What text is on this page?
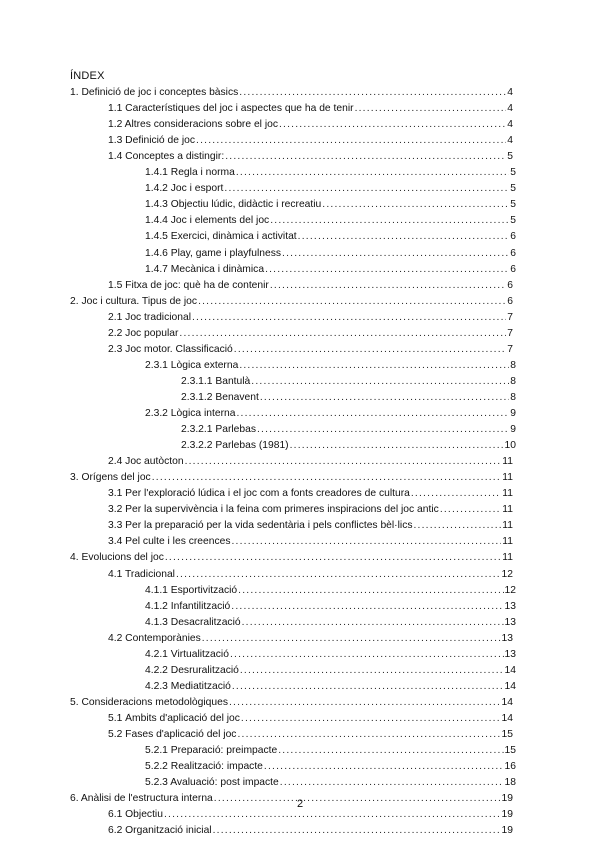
ÍNDEX
1. Definició de joc i conceptes bàsics .....	4
1.1 Característiques del joc i aspectes que ha de tenir .....	4
1.2 Altres consideracions sobre el joc .....	4
1.3 Definició de joc .....	4
1.4 Conceptes a distingir: .....	5
1.4.1 Regla i norma .....	5
1.4.2 Joc i esport .....	5
1.4.3 Objectiu lúdic, didàctic i recreatiu .....	5
1.4.4 Joc i elements del joc .....	5
1.4.5 Exercici, dinàmica i activitat .....	6
1.4.6 Play, game i playfulness .....	6
1.4.7 Mecànica i dinàmica .....	6
1.5 Fitxa de joc: què ha de contenir .....	6
2. Joc i cultura. Tipus de joc .....	6
2.1 Joc tradicional .....	7
2.2 Joc popular .....	7
2.3 Joc motor. Classificació .....	7
2.3.1 Lògica externa .....	8
2.3.1.1 Bantulà .....	8
2.3.1.2 Benavent .....	8
2.3.2 Lògica interna .....	9
2.3.2.1 Parlebas .....	9
2.3.2.2 Parlebas (1981) .....	10
2.4 Joc autòcton .....	11
3. Orígens del joc .....	11
3.1 Per l'exploració lúdica i el joc com a fonts creadores de cultura .....	11
3.2 Per la supervivència i la feina com primeres inspiracions del joc antic .....	11
3.3 Per la preparació per la vida sedentària i pels conflictes bèl·lics .....	11
3.4 Pel culte i les creences .....	11
4. Evolucions del joc .....	11
4.1 Tradicional .....	12
4.1.1 Esportivització .....	12
4.1.2 Infantilització .....	13
4.1.3 Desacralització .....	13
4.2 Contemporànies .....	13
4.2.1 Virtualització .....	13
4.2.2 Desruralització .....	14
4.2.3 Mediatització .....	14
5. Consideracions metodològiques .....	14
5.1 Àmbits d'aplicació del joc .....	14
5.2 Fases d'aplicació del joc .....	15
5.2.1 Preparació: preimpacte .....	15
5.2.2 Realització: impacte .....	16
5.2.3 Avaluació: post impacte .....	18
6. Anàlisi de l'estructura interna .....	19
6.1 Objectiu .....	19
6.2 Organització inicial .....	19
2
